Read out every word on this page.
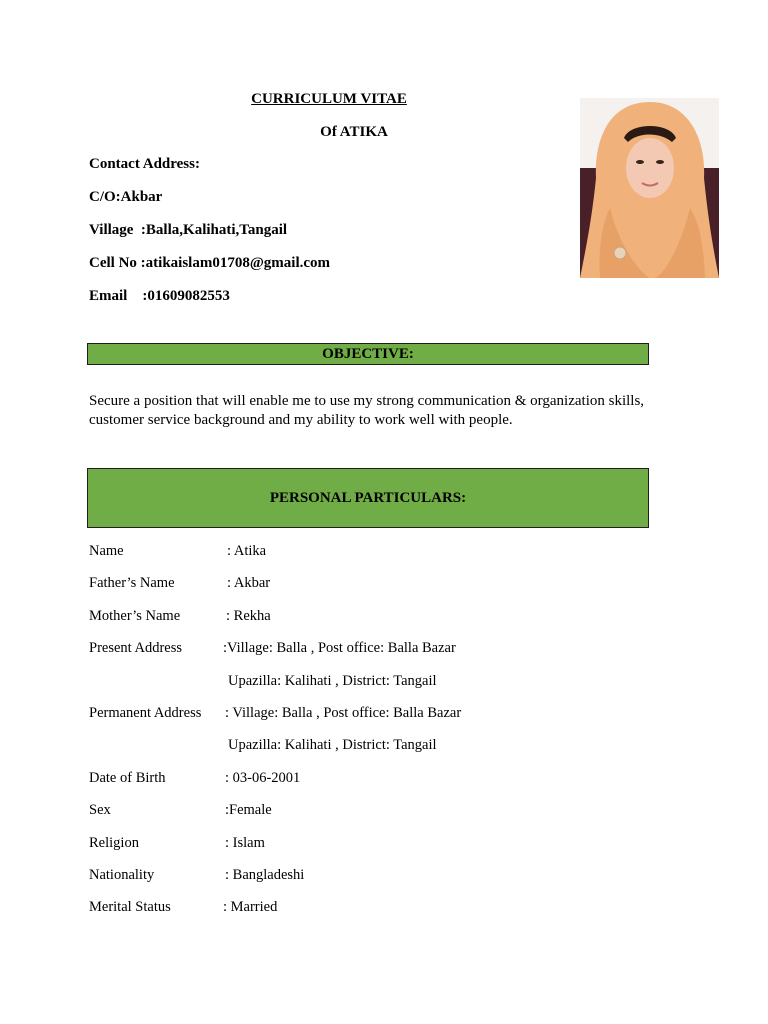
CURRICULUM VITAE
Of ATIKA
Contact Address:
C/O:Akbar
Village  :Balla,Kalihati,Tangail
Cell No :atikaislam01708@gmail.com
Email    :01609082553
OBJECTIVE:
Secure a position that will enable me to use my strong communication & organization skills,
customer service background and my ability to work well with people.
PERSONAL PARTICULARS:

Name

	: Atika

Father’s Name

	: Akbar

Mother’s Name

	: Rekha

Present Address

	:Village: Balla , Post office: Balla Bazar

Upazilla: Kalihati , District: Tangail

Permanent Address

: Village: Balla , Post office: Balla Bazar

Upazilla: Kalihati , District: Tangail

Date of Birth

	: 03-06-2001

Sex

	:Female

Religion

	: Islam

Nationality

	: Bangladeshi

Merital Status

	: Married
